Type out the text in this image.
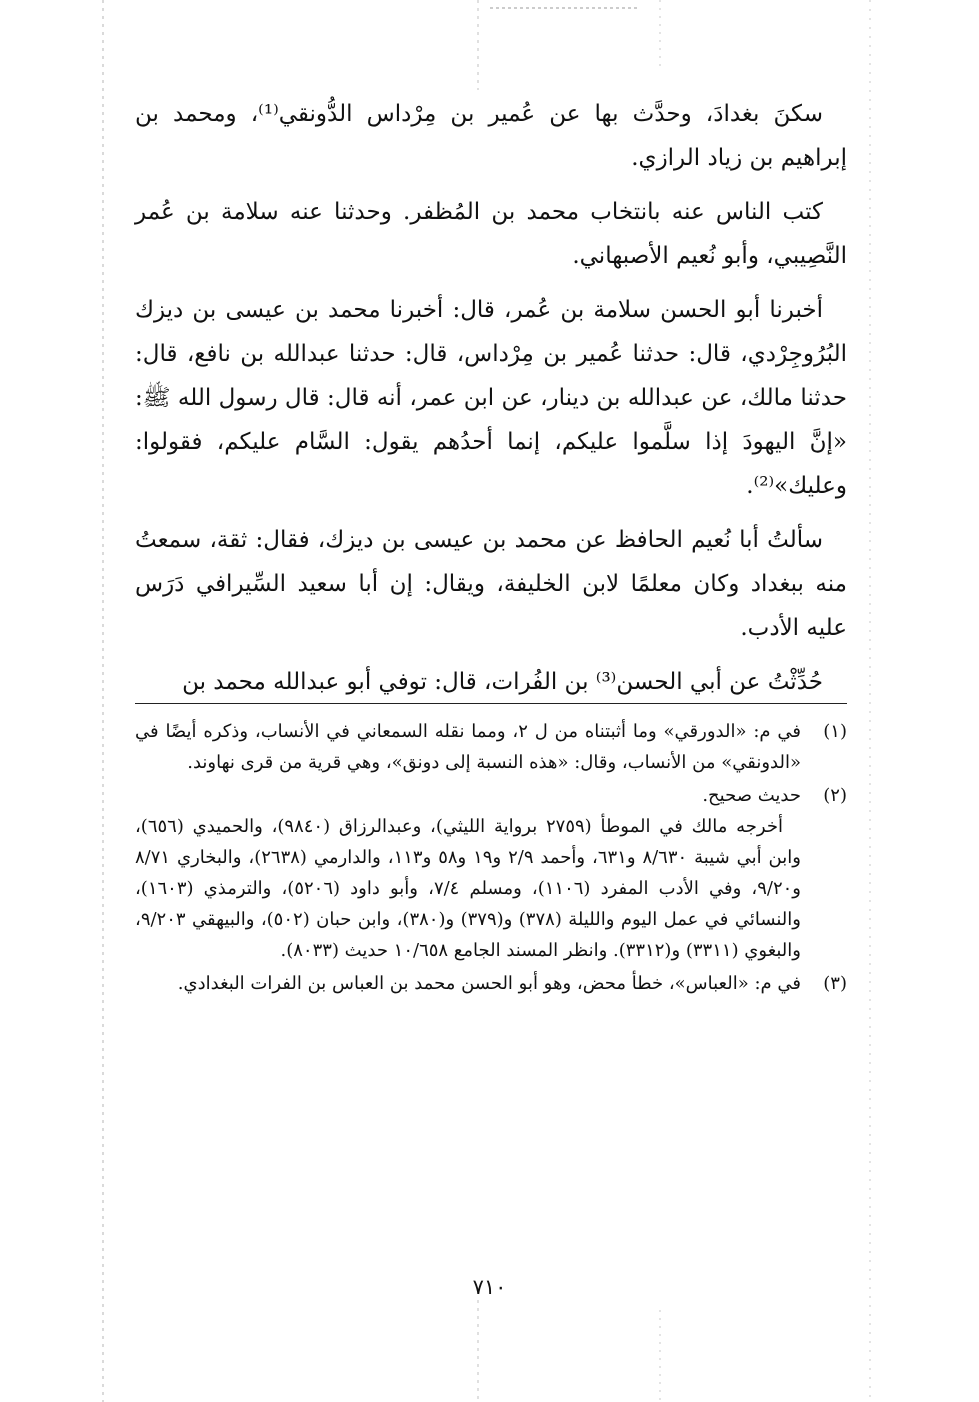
سكنَ بغدادَ، وحدَّث بها عن عُمير بن مِرْداس الدُّونقي⁽¹⁾، ومحمد بن إبراهيم بن زياد الرازي.

كتب الناس عنه بانتخاب محمد بن المُظفر. وحدثنا عنه سلامة بن عُمر النَّصِيبي، وأبو نُعيم الأصبهاني.

أخبرنا أبو الحسن سلامة بن عُمر، قال: أخبرنا محمد بن عيسى بن ديزك البُرُوجِرْدي، قال: حدثنا عُمير بن مِرْداس، قال: حدثنا عبدالله بن نافع، قال: حدثنا مالك، عن عبدالله بن دينار، عن ابن عمر، أنه قال: قال رسول الله ﷺ: «إنَّ اليهودَ إذا سلَّموا عليكم، إنما أحدُهم يقول: السَّام عليكم، فقولوا: وعليك»⁽²⁾.

سألتُ أبا نُعيم الحافظ عن محمد بن عيسى بن ديزك، فقال: ثقة، سمعتُ منه ببغداد وكان معلمًا لابن الخليفة، ويقال: إن أبا سعيد السِّيرافي دَرَس عليه الأدب.

حُدِّثْتُ عن أبي الحسن⁽³⁾ بن الفُرات، قال: توفي أبو عبدالله محمد بن

(١)

في م: «الدورقي» وما أثبتناه من ل ٢، ومما نقله السمعاني في الأنساب، وذكره أيضًا في «الدونقي» من الأنساب، وقال: «هذه النسبة إلى دونق»، وهي قرية من قرى نهاوند.

(٢)

حديث صحيح.

أخرجه مالك في الموطأ (٢٧٥٩ برواية الليثي)، وعبدالرزاق (٩٨٤٠)، والحميدي (٦٥٦)، وابن أبي شيبة ٨/٦٣٠ و٦٣١، وأحمد ٢/٩ و١٩ و٥٨ و١١٣، والدارمي (٢٦٣٨)، والبخاري ٨/٧١ و٩/٢٠، وفي الأدب المفرد (١١٠٦)، ومسلم ٧/٤، وأبو داود (٥٢٠٦)، والترمذي (١٦٠٣)، والنسائي في عمل اليوم والليلة (٣٧٨) و(٣٧٩) و(٣٨٠)، وابن حبان (٥٠٢)، والبيهقي ٩/٢٠٣، والبغوي (٣٣١١) و(٣٣١٢). وانظر المسند الجامع ١٠/٦٥٨ حديث (٨٠٣٣).

(٣)

في م: «العباس»، خطأ محض، وهو أبو الحسن محمد بن العباس بن الفرات البغدادي.

٧١٠
